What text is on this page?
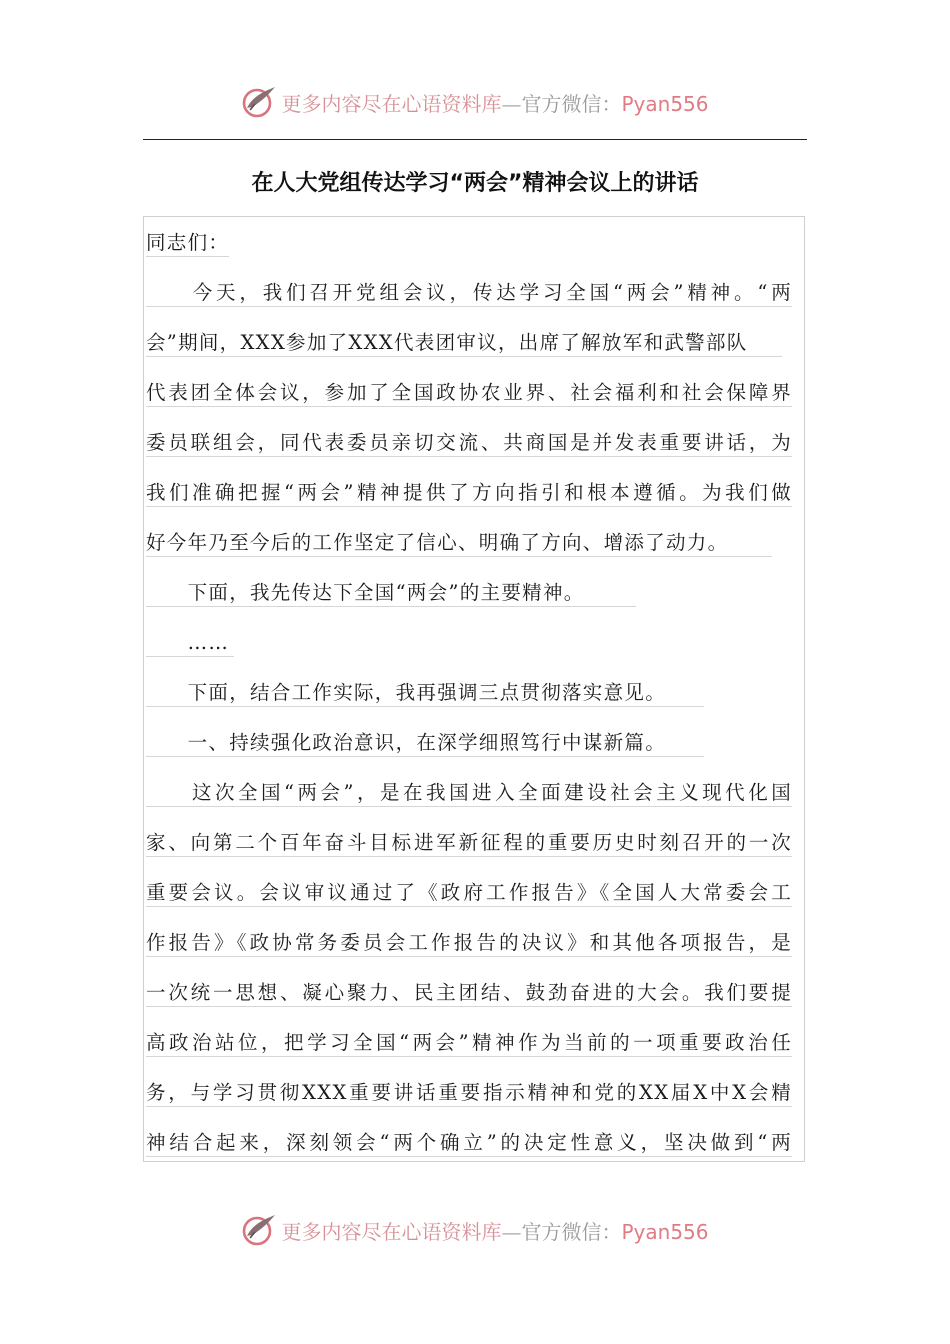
更多内容尽在心语资料库—官方微信：Pyan556
在人大党组传达学习“两会”精神会议上的讲话
同志们：
　　今天，我们召开党组会议，传达学习全国“两会”精神。“两
会”期间，XXX参加了XXX代表团审议，出席了解放军和武警部队
代表团全体会议，参加了全国政协农业界、社会福利和社会保障界
委员联组会，同代表委员亲切交流、共商国是并发表重要讲话，为
我们准确把握“两会”精神提供了方向指引和根本遵循。为我们做
好今年乃至今后的工作坚定了信心、明确了方向、增添了动力。
　　下面，我先传达下全国“两会”的主要精神。
　　……
　　下面，结合工作实际，我再强调三点贯彻落实意见。
　　一、持续强化政治意识，在深学细照笃行中谋新篇。
　　这次全国“两会”，是在我国进入全面建设社会主义现代化国
家、向第二个百年奋斗目标进军新征程的重要历史时刻召开的一次
重要会议。会议审议通过了《政府工作报告》《全国人大常委会工
作报告》《政协常务委员会工作报告的决议》和其他各项报告，是
一次统一思想、凝心聚力、民主团结、鼓劲奋进的大会。我们要提
高政治站位，把学习全国“两会”精神作为当前的一项重要政治任
务，与学习贯彻XXX重要讲话重要指示精神和党的XX届X中X会精
神结合起来，深刻领会“两个确立”的决定性意义，坚决做到“两
更多内容尽在心语资料库—官方微信：Pyan556
